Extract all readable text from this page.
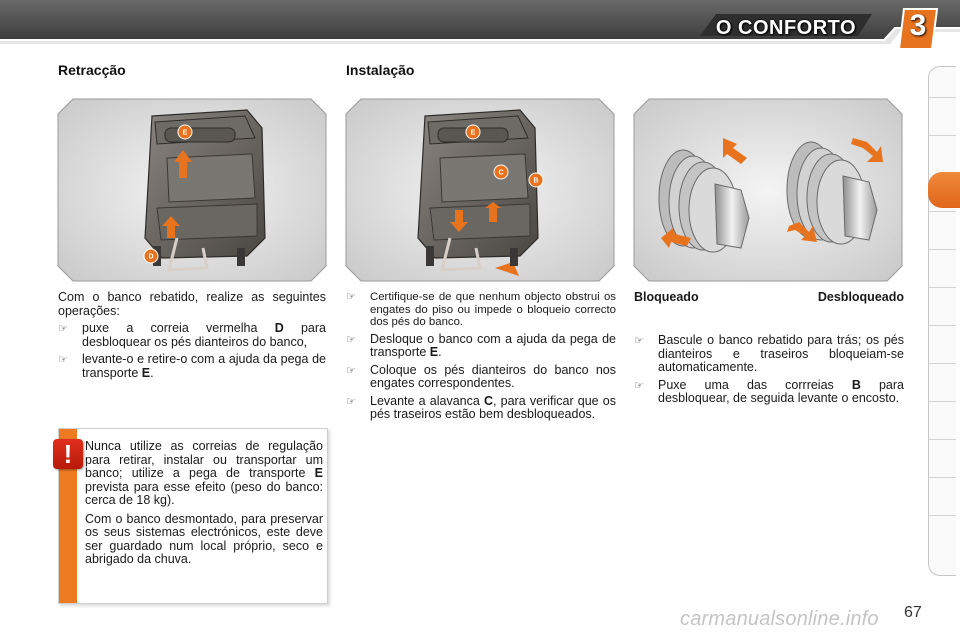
O CONFORTO	3
Retracção	Instalação
E
D
E
C
B
Com o banco rebatido, realize as seguintes operações:
☞ puxe a correia vermelha D para desbloquear os pés dianteiros do banco,
☞ levante-o e retire-o com a ajuda da pega de transporte E.
☞ Certifique-se de que nenhum objecto obstrui os engates do piso ou impede o bloqueio correcto dos pés do banco.
☞ Desloque o banco com a ajuda da pega de transporte E.
☞ Coloque os pés dianteiros do banco nos engates correspondentes.
☞ Levante a alavanca C, para verificar que os pés traseiros estão bem desbloqueados.
Bloqueado	Desbloqueado
☞ Bascule o banco rebatido para trás; os pés dianteiros e traseiros bloqueiam-se automaticamente.
☞ Puxe uma das corrreias B para desbloquear, de seguida levante o encosto.
!	Nunca utilize as correias de regulação para retirar, instalar ou transportar um banco; utilize a pega de transporte E prevista para esse efeito (peso do banco: cerca de 18 kg).

Com o banco desmontado, para preservar os seus sistemas electrónicos, este deve ser guardado num local próprio, seco e abrigado da chuva.

carmanualsonline.info 67
